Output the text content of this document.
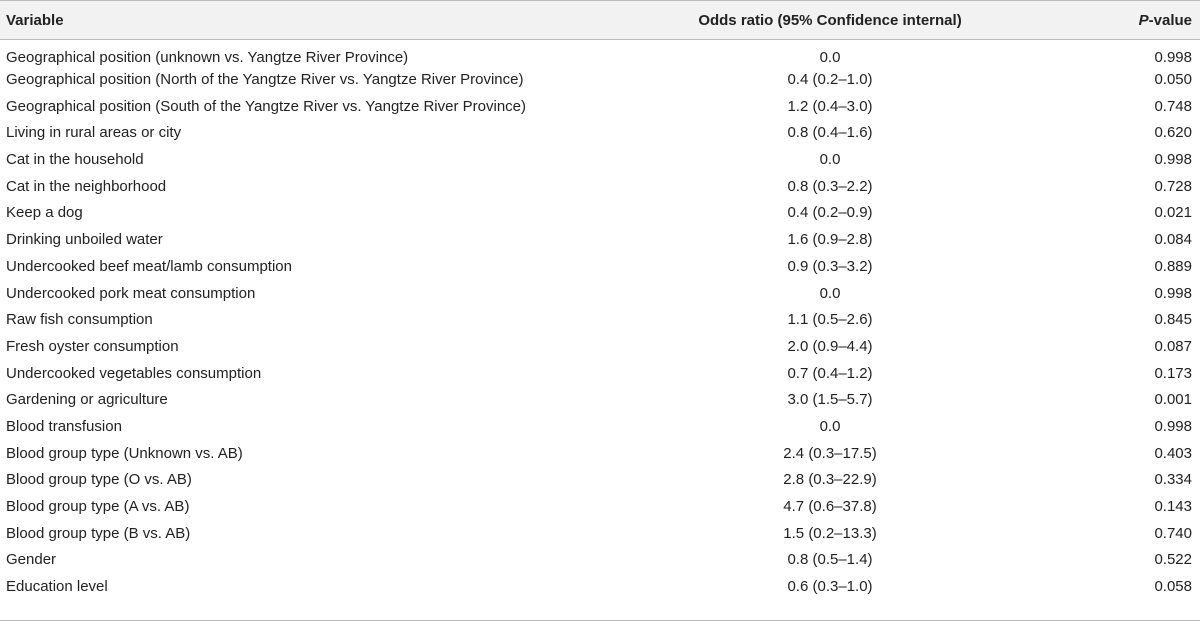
Variable	Odds ratio (95% Confidence internal)	P-value
Geographical position (unknown vs. Yangtze River Province)	0.0	0.998
Geographical position (North of the Yangtze River vs. Yangtze River Province)	0.4 (0.2–1.0)	0.050
Geographical position (South of the Yangtze River vs. Yangtze River Province)	1.2 (0.4–3.0)	0.748
Living in rural areas or city	0.8 (0.4–1.6)	0.620
Cat in the household	0.0	0.998
Cat in the neighborhood	0.8 (0.3–2.2)	0.728
Keep a dog	0.4 (0.2–0.9)	0.021
Drinking unboiled water	1.6 (0.9–2.8)	0.084
Undercooked beef meat/lamb consumption	0.9 (0.3–3.2)	0.889
Undercooked pork meat consumption	0.0	0.998
Raw fish consumption	1.1 (0.5–2.6)	0.845
Fresh oyster consumption	2.0 (0.9–4.4)	0.087
Undercooked vegetables consumption	0.7 (0.4–1.2)	0.173
Gardening or agriculture	3.0 (1.5–5.7)	0.001
Blood transfusion	0.0	0.998
Blood group type (Unknown vs. AB)	2.4 (0.3–17.5)	0.403
Blood group type (O vs. AB)	2.8 (0.3–22.9)	0.334
Blood group type (A vs. AB)	4.7 (0.6–37.8)	0.143
Blood group type (B vs. AB)	1.5 (0.2–13.3)	0.740
Gender	0.8 (0.5–1.4)	0.522
Education level	0.6 (0.3–1.0)	0.058
